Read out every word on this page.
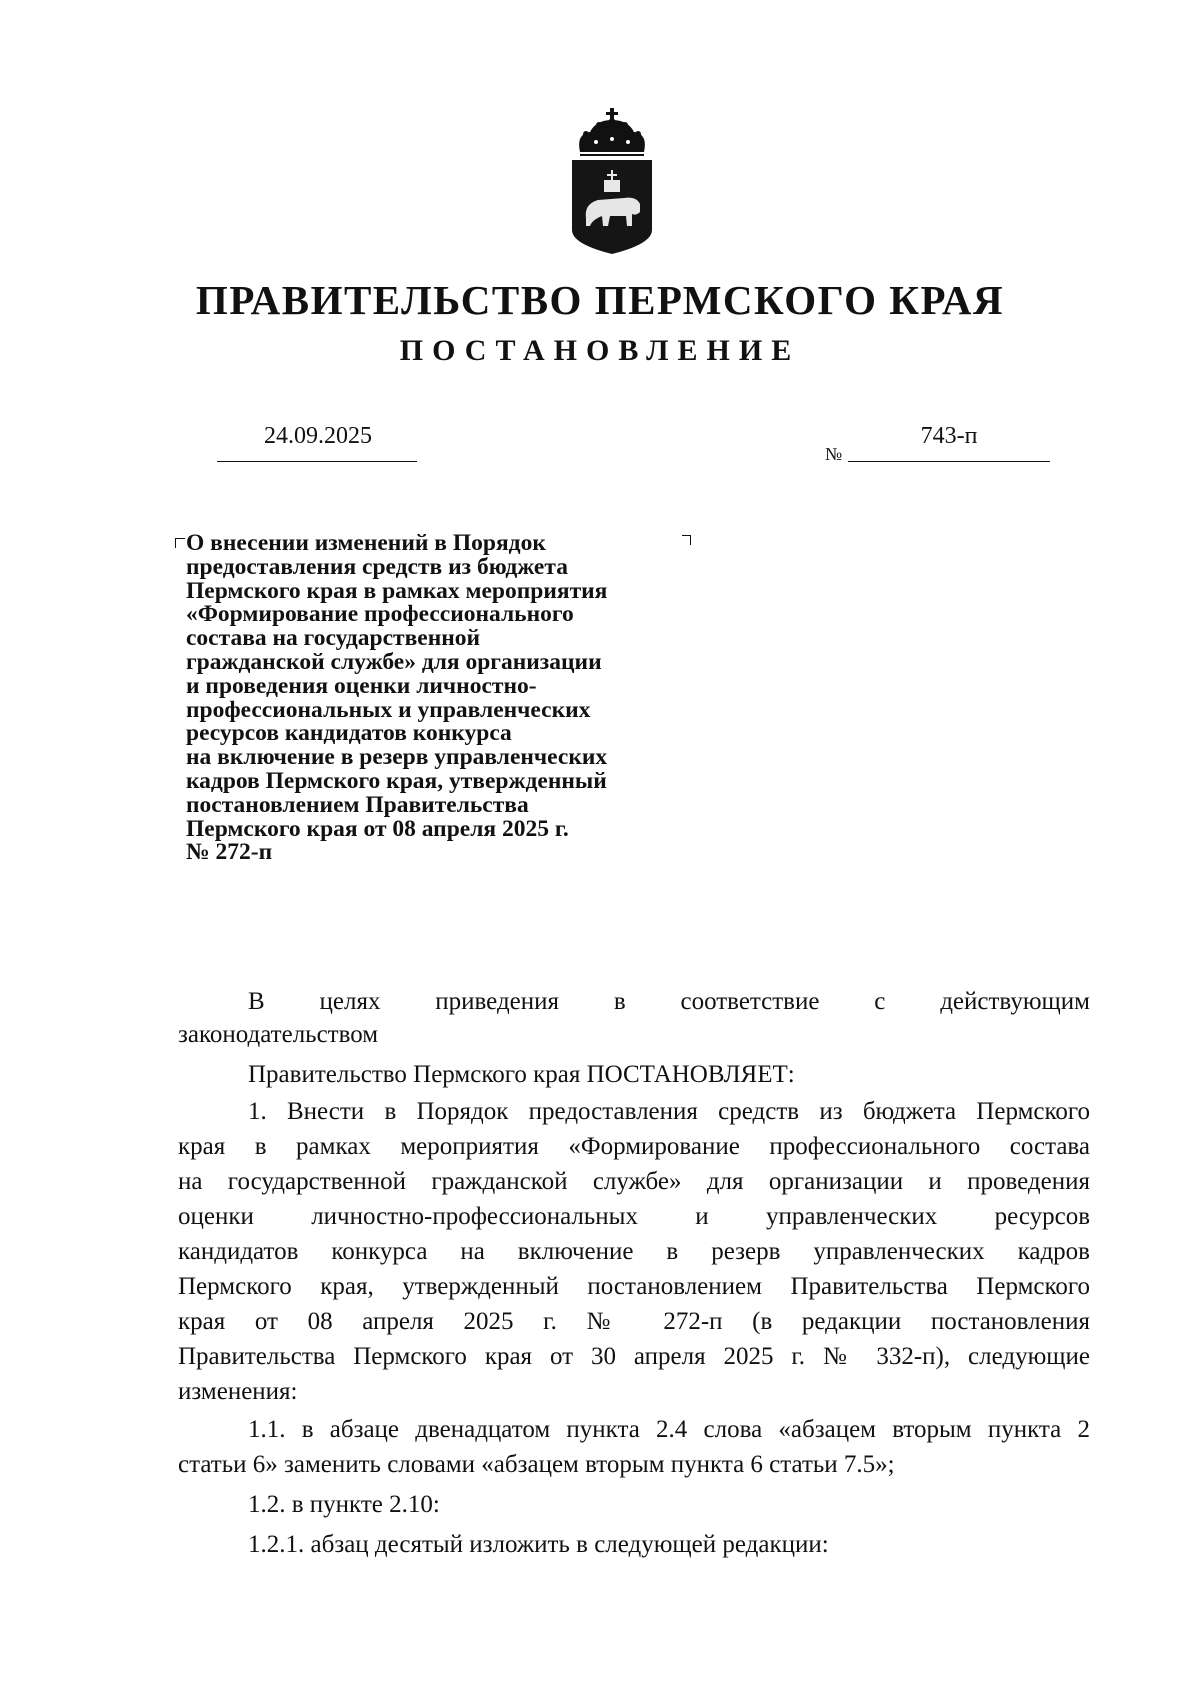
ПРАВИТЕЛЬСТВО ПЕРМСКОГО КРАЯ
ПОСТАНОВЛЕНИЕ
24.09.2025
№
743-п
О внесении изменений в Порядок
предоставления средств из бюджета
Пермского края в рамках мероприятия
«Формирование профессионального
состава на государственной
гражданской службе» для организации
и проведения оценки личностно-
профессиональных и управленческих
ресурсов кандидатов конкурса
на включение в резерв управленческих
кадров Пермского края, утвержденный
постановлением Правительства
Пермского края от 08 апреля 2025 г.
№ 272-п
В целях приведения в соответствие с действующим
законодательством
Правительство Пермского края ПОСТАНОВЛЯЕТ:
1. Внести в Порядок предоставления средств из бюджета Пермского
края в рамках мероприятия «Формирование профессионального состава
на государственной гражданской службе» для организации и проведения
оценки личностно-профессиональных и управленческих ресурсов
кандидатов конкурса на включение в резерв управленческих кадров
Пермского края, утвержденный постановлением Правительства Пермского
края от 08 апреля 2025 г. № 272-п (в редакции постановления
Правительства Пермского края от 30 апреля 2025 г. № 332-п), следующие
изменения:
1.1. в абзаце двенадцатом пункта 2.4 слова «абзацем вторым пункта 2
статьи 6» заменить словами «абзацем вторым пункта 6 статьи 7.5»;
1.2. в пункте 2.10:
1.2.1. абзац десятый изложить в следующей редакции:
